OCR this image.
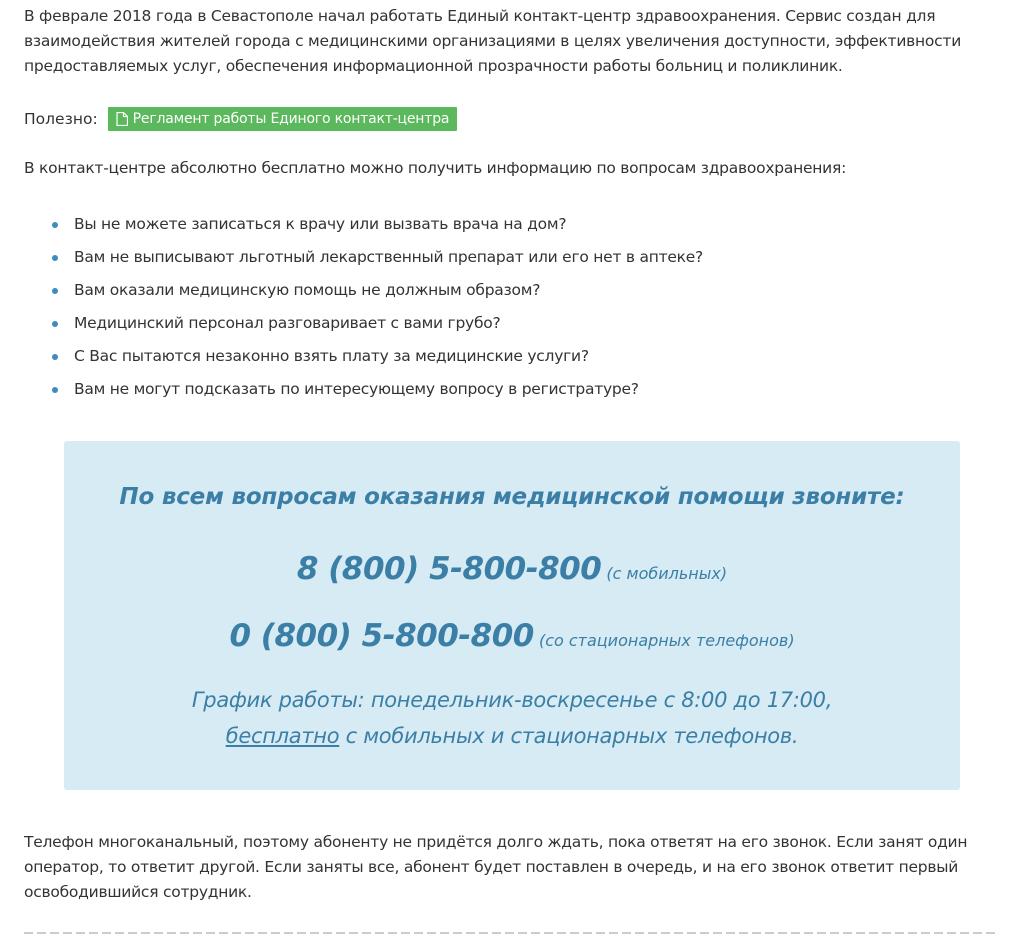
В феврале 2018 года в Севастополе начал работать Единый контакт-центр здравоохранения. Сервис создан для взаимодействия жителей города с медицинскими организациями в целях увеличения доступности, эффективности предоставляемых услуг, обеспечения информационной прозрачности работы больниц и поликлиник.

Полезно:	Регламент работы Единого контакт-центра

В контакт-центре абсолютно бесплатно можно получить информацию по вопросам здравоохранения:

Вы не можете записаться к врачу или вызвать врача на дом?
Вам не выписывают льготный лекарственный препарат или его нет в аптеке?
Вам оказали медицинскую помощь не должным образом?
Медицинский персонал разговаривает с вами грубо?
С Вас пытаются незаконно взять плату за медицинские услуги?
Вам не могут подсказать по интересующему вопросу в регистратуре?
По всем вопросам оказания медицинской помощи звоните:
График работы: понедельник-воскресенье с 8:00 до 17:00,
бесплатно с мобильных и стационарных телефонов.
8 (800) 5-800-800 (с мобильных)
0 (800) 5-800-800 (со стационарных телефонов)

Телефон многоканальный, поэтому абоненту не придётся долго ждать, пока ответят на его звонок. Если занят один оператор, то ответит другой. Если заняты все, абонент будет поставлен в очередь, и на его звонок ответит первый освободившийся сотрудник.
